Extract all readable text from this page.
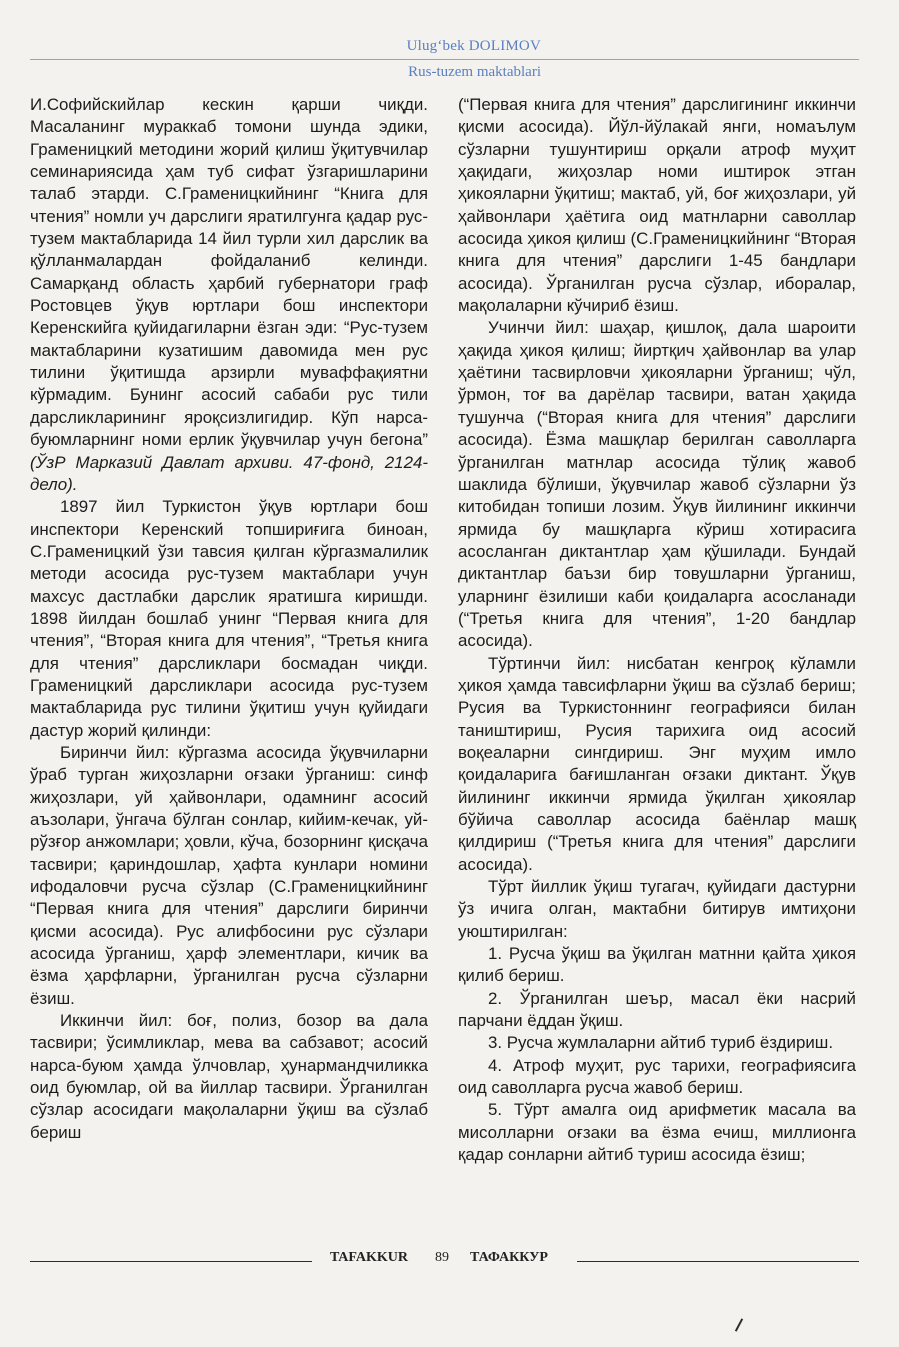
Ulug‘bek DOLIMOV
Rus-tuzem maktablari

И.Софийскийлар кескин қарши чиқди. Масаланинг мураккаб томони шунда эдики, Граменицкий методини жорий қилиш ўқитувчилар семинариясида ҳам туб сифат ўзгаришларини талаб этарди. С.Граменицкийнинг “Книга для чтения” номли уч дарслиги яратилгунга қадар рус-тузем мактабларида 14 йил турли хил дарслик ва қўлланмалардан фойдаланиб келинди. Самарқанд область ҳарбий губернатори граф Ростовцев ўқув юртлари бош инспектори Керенскийга қуйидагиларни ёзган эди: “Рус-тузем мактабларини кузатишим давомида мен рус тилини ўқитишда арзирли муваффақиятни кўрмадим. Бунинг асосий сабаби рус тили дарсликларининг яроқсизлигидир. Кўп нарса-буюмларнинг номи ерлик ўқувчилар учун бегона” (ЎзР Марказий Давлат архиви. 47-фонд, 2124-дело).

1897 йил Туркистон ўқув юртлари бош инспектори Керенский топшириғига биноан, С.Граменицкий ўзи тавсия қилган кўргазмалилик методи асосида рус-тузем мактаблари учун махсус дастлабки дарслик яратишга киришди. 1898 йилдан бошлаб унинг “Первая книга для чтения”, “Вторая книга для чтения”, “Третья книга для чтения” дарсликлари босмадан чиқди. Граменицкий дарсликлари асосида рус-тузем мактабларида рус тилини ўқитиш учун қуйидаги дастур жорий қилинди:

Биринчи йил: кўргазма асосида ўқувчиларни ўраб турган жиҳозларни оғзаки ўрганиш: синф жиҳозлари, уй ҳайвонлари, одамнинг асосий аъзолари, ўнгача бўлган сонлар, кийим-кечак, уй-рўзғор анжомлари; ҳовли, кўча, бозорнинг қисқача тасвири; қариндошлар, ҳафта кунлари номини ифодаловчи русча сўзлар (С.Граменицкийнинг “Первая книга для чтения” дарслиги биринчи қисми асосида). Рус алифбосини рус сўзлари асосида ўрганиш, ҳарф элементлари, кичик ва ёзма ҳарфларни, ўрганилган русча сўзларни ёзиш.

Иккинчи йил: боғ, полиз, бозор ва дала тасвири; ўсимликлар, мева ва сабзавот; асосий нарса-буюм ҳамда ўлчовлар, ҳунармандчиликка оид буюмлар, ой ва йиллар тасвири. Ўрганилган сўзлар асосидаги мақолаларни ўқиш ва сўзлаб бериш

(“Первая книга для чтения” дарслигининг иккинчи қисми асосида). Йўл-йўлакай янги, номаълум сўзларни тушунтириш орқали атроф муҳит ҳақидаги, жиҳозлар номи иштирок этган ҳикояларни ўқитиш; мактаб, уй, боғ жиҳозлари, уй ҳайвонлари ҳаётига оид матнларни саволлар асосида ҳикоя қилиш (С.Граменицкийнинг “Вторая книга для чтения” дарслиги 1-45 бандлари асосида). Ўрганилган русча сўзлар, иборалар, мақолаларни кўчириб ёзиш.

Учинчи йил: шаҳар, қишлоқ, дала шароити ҳақида ҳикоя қилиш; йиртқич ҳайвонлар ва улар ҳаётини тасвирловчи ҳикояларни ўрганиш; чўл, ўрмон, тоғ ва дарёлар тасвири, ватан ҳақида тушунча (“Вторая книга для чтения” дарслиги асосида). Ёзма машқлар берилган саволларга ўрганилган матнлар асосида тўлиқ жавоб шаклида бўлиши, ўқувчилар жавоб сўзларни ўз китобидан топиши лозим. Ўқув йилининг иккинчи ярмида бу машқларга кўриш хотирасига асосланган диктантлар ҳам қўшилади. Бундай диктантлар баъзи бир товушларни ўрганиш, уларнинг ёзилиши каби қоидаларга асосланади (“Третья книга для чтения”, 1-20 бандлар асосида).

Тўртинчи йил: нисбатан кенгроқ кўламли ҳикоя ҳамда тавсифларни ўқиш ва сўзлаб бериш; Русия ва Туркистоннинг географияси билан таништириш, Русия тарихига оид асосий воқеаларни сингдириш. Энг муҳим имло қоидаларига бағишланган оғзаки диктант. Ўқув йилининг иккинчи ярмида ўқилган ҳикоялар бўйича саволлар асосида баёнлар машқ қилдириш (“Третья книга для чтения” дарслиги асосида).

Тўрт йиллик ўқиш тугагач, қуйидаги дастурни ўз ичига олган, мактабни битирув имтиҳони уюштирилган:

1. Русча ўқиш ва ўқилган матнни қайта ҳикоя қилиб бериш.

2. Ўрганилган шеър, масал ёки насрий парчани ёддан ўқиш.

3. Русча жумлаларни айтиб туриб ёздириш.

4. Атроф муҳит, рус тарихи, географиясига оид саволларга русча жавоб бериш.

5. Тўрт амалга оид арифметик масала ва мисолларни оғзаки ва ёзма ечиш, миллионга қадар сонларни айтиб туриш асосида ёзиш;

TAFAKKUR 89 ТАФАККУР
